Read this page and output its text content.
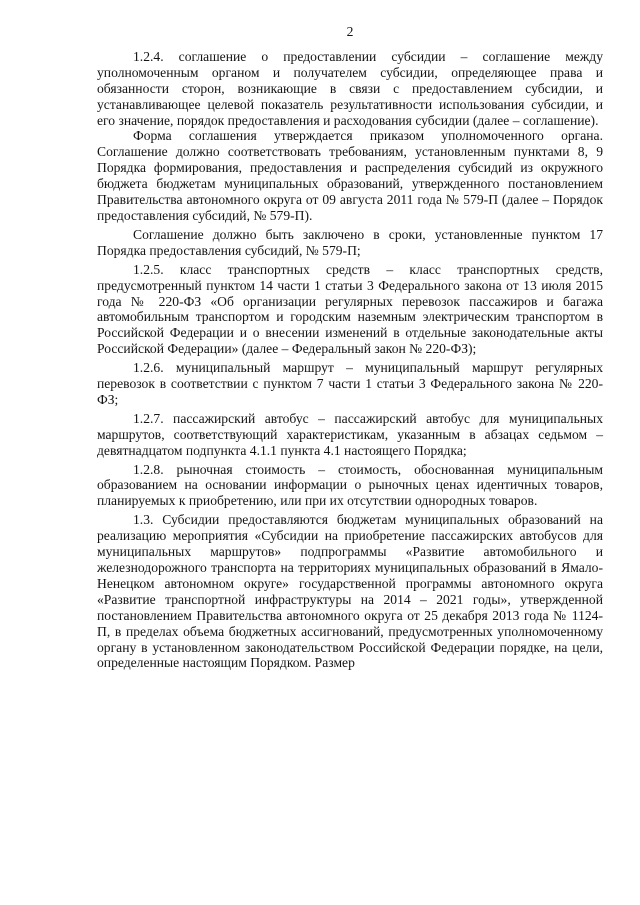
2

1.2.4. соглашение о предоставлении субсидии – соглашение между уполномоченным органом и получателем субсидии, определяющее права и обязанности сторон, возникающие в связи с предоставлением субсидии, и устанавливающее целевой показатель результативности использования субсидии, и его значение, порядок предоставления и расходования субсидии (далее – соглашение).

Форма соглашения утверждается приказом уполномоченного органа. Соглашение должно соответствовать требованиям, установленным пунктами 8, 9 Порядка формирования, предоставления и распределения субсидий из окружного бюджета бюджетам муниципальных образований, утвержденного постановлением Правительства автономного округа от 09 августа 2011 года № 579-П (далее – Порядок предоставления субсидий, № 579-П).

Соглашение должно быть заключено в сроки, установленные пунктом 17 Порядка предоставления субсидий, № 579-П;

1.2.5. класс транспортных средств – класс транспортных средств, предусмотренный пунктом 14 части 1 статьи 3 Федерального закона от 13 июля 2015 года № 220-ФЗ «Об организации регулярных перевозок пассажиров и багажа автомобильным транспортом и городским наземным электрическим транспортом в Российской Федерации и о внесении изменений в отдельные законодательные акты Российской Федерации» (далее – Федеральный закон № 220-ФЗ);

1.2.6. муниципальный маршрут – муниципальный маршрут регулярных перевозок в соответствии с пунктом 7 части 1 статьи 3 Федерального закона № 220-ФЗ;

1.2.7. пассажирский автобус – пассажирский автобус для муниципальных маршрутов, соответствующий характеристикам, указанным в абзацах седьмом – девятнадцатом подпункта 4.1.1 пункта 4.1 настоящего Порядка;

1.2.8. рыночная стоимость – стоимость, обоснованная муниципальным образованием на основании информации о рыночных ценах идентичных товаров, планируемых к приобретению, или при их отсутствии однородных товаров.

1.3. Субсидии предоставляются бюджетам муниципальных образований на реализацию мероприятия «Субсидии на приобретение пассажирских автобусов для муниципальных маршрутов» подпрограммы «Развитие автомобильного и железнодорожного транспорта на территориях муниципальных образований в Ямало-Ненецком автономном округе» государственной программы автономного округа «Развитие транспортной инфраструктуры на 2014 – 2021 годы», утвержденной постановлением Правительства автономного округа от 25 декабря 2013 года № 1124-П, в пределах объема бюджетных ассигнований, предусмотренных уполномоченному органу в установленном законодательством Российской Федерации порядке, на цели, определенные настоящим Порядком. Размер
